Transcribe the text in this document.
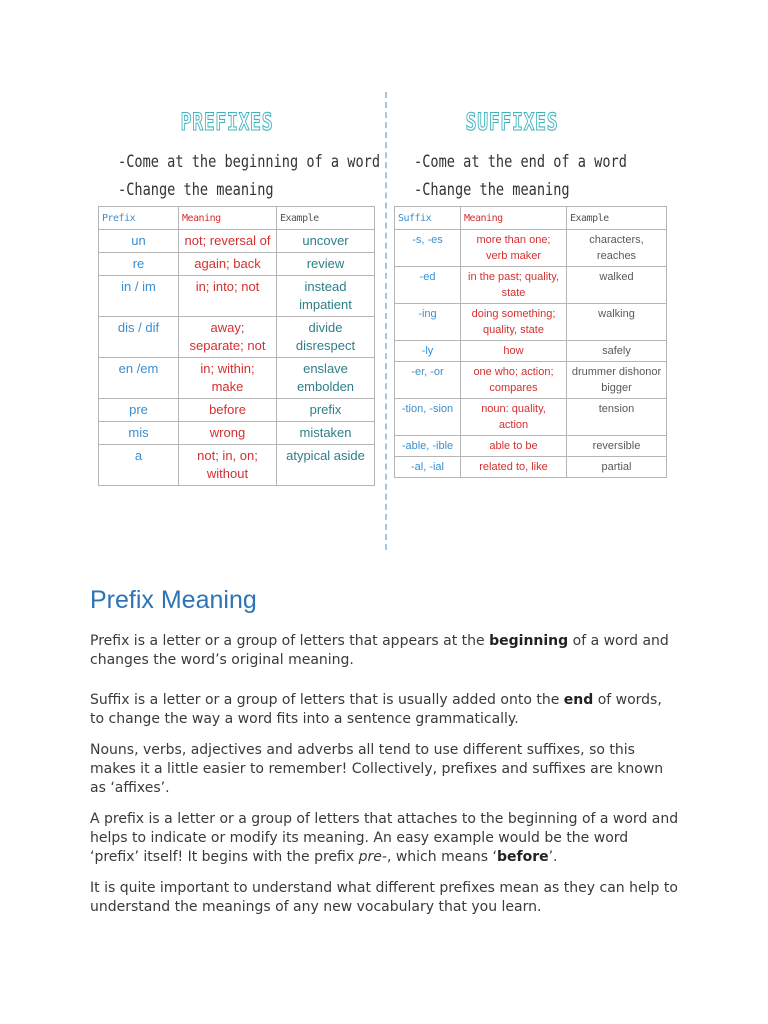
PREFIXES
-Come at the beginning of a word
-Change the meaning
Prefix	Meaning	Example
un	not; reversal of	uncover
re	again; back	review
in / im	in; into; not	instead impatient
dis / dif	away; separate; not	divide disrespect
en /em	in; within; make	enslave embolden
pre	before	prefix
mis	wrong	mistaken
a	not; in, on; without	atypical aside
SUFFIXES
-Come at the end of a word
-Change the meaning
Suffix	Meaning	Example
-s, -es	more than one; verb maker	characters, reaches
-ed	in the past; quality, state	walked
-ing	doing something; quality, state	walking
-ly	how	safely
-er, -or	one who; action; compares	drummer dishonor bigger
-tion, -sion	noun: quality, action	tension
-able, -ible	able to be	reversible
-al, -ial	related to, like	partial
Prefix Meaning

Prefix is a letter or a group of letters that appears at the beginning of a word and changes the word’s original meaning.

Suffix is a letter or a group of letters that is usually added onto the end of words, to change the way a word fits into a sentence grammatically.

Nouns, verbs, adjectives and adverbs all tend to use different suffixes, so this makes it a little easier to remember! Collectively, prefixes and suffixes are known as ‘affixes’.

A prefix is a letter or a group of letters that attaches to the beginning of a word and helps to indicate or modify its meaning. An easy example would be the word ‘prefix’ itself! It begins with the prefix pre-, which means ‘before’.

It is quite important to understand what different prefixes mean as they can help to understand the meanings of any new vocabulary that you learn.
